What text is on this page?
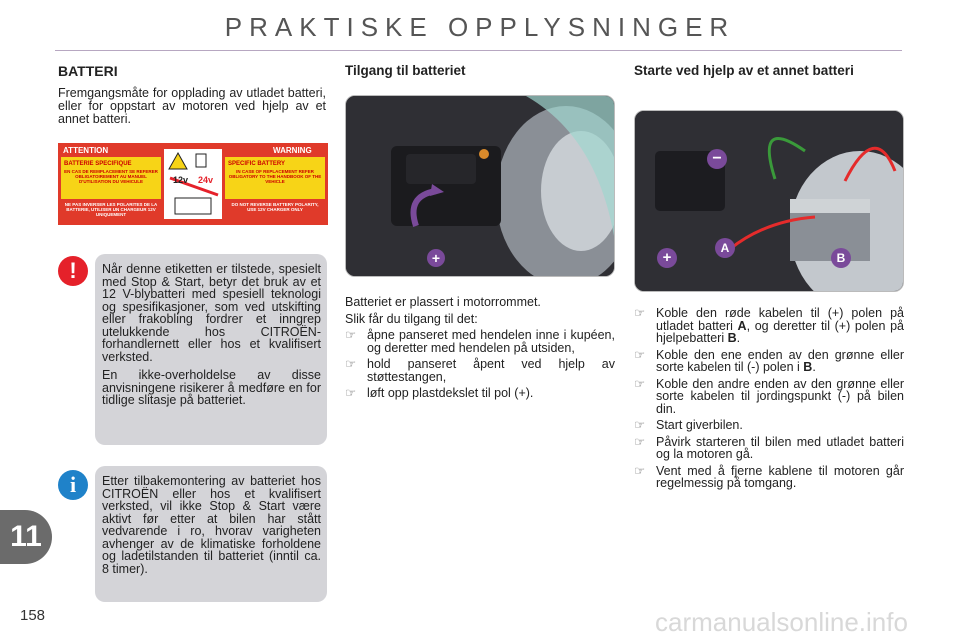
PRAKTISKE OPPLYSNINGER
BATTERI
Fremgangsmåte for opplading av utladet batteri, eller for oppstart av motoren ved hjelp av et annet batteri.
ATTENTION	WARNING
BATTERIE SPECIFIQUE	SPECIFIC BATTERY
12v 24v
EN CAS DE REMPLACEMENT SE REFERER OBLIGATOIREMENT AU MANUEL D'UTILISATION DU VEHICULE
IN CASE OF REPLACEMENT REFER OBLIGATORY TO THE HANDBOOK OF THE VEHICLE
NE PAS INVERSER LES POLARITES DE LA BATTERIE, UTILISER UN CHARGEUR 12V UNIQUEMENT
DO NOT REVERSE BATTERY POLARITY, USE 12V CHARGER ONLY
!	Når denne etiketten er tilstede, spesielt med Stop & Start, betyr det bruk av et 12 V-blybatteri med spesiell teknologi og spesifikasjoner, som ved utskifting eller frakobling fordrer et inngrep utelukkende hos CITROËN-forhandlernett eller hos et kvalifisert verksted.

En ikke-overholdelse av disse anvisningene risikerer å medføre en for tidlige slitasje på batteriet.

i	Etter tilbakemontering av batteriet hos CITROËN eller hos et kvalifisert verksted, vil ikke Stop & Start være aktivt før etter at bilen har stått vedvarende i ro, hvorav varigheten avhenger av de klimatiske forholdene og ladetilstanden til batteriet (inntil ca. 8 timer).

Tilgang til batteriet
+
Batteriet er plassert i motorrommet.
Slik får du tilgang til det:
☞ åpne panseret med hendelen inne i kupéen, og deretter med hendelen på utsiden,
☞ hold panseret åpent ved hjelp av støttestangen,
☞ løft opp plastdekslet til pol (+).
Starte ved hjelp av et annet batteri
−
A
+	B
☞ Koble den røde kabelen til (+) polen på utladet batteri A, og deretter til (+) polen på hjelpebatteri B.
☞ Koble den ene enden av den grønne eller sorte kabelen til (-) polen i B.
☞ Koble den andre enden av den grønne eller sorte kabelen til jordingspunkt (-) på bilen din.
☞ Start giverbilen.
☞ Påvirk starteren til bilen med utladet batteri og la motoren gå.
☞ Vent med å fjerne kablene til motoren går regelmessig på tomgang.
11
158	carmanualsonline.info
